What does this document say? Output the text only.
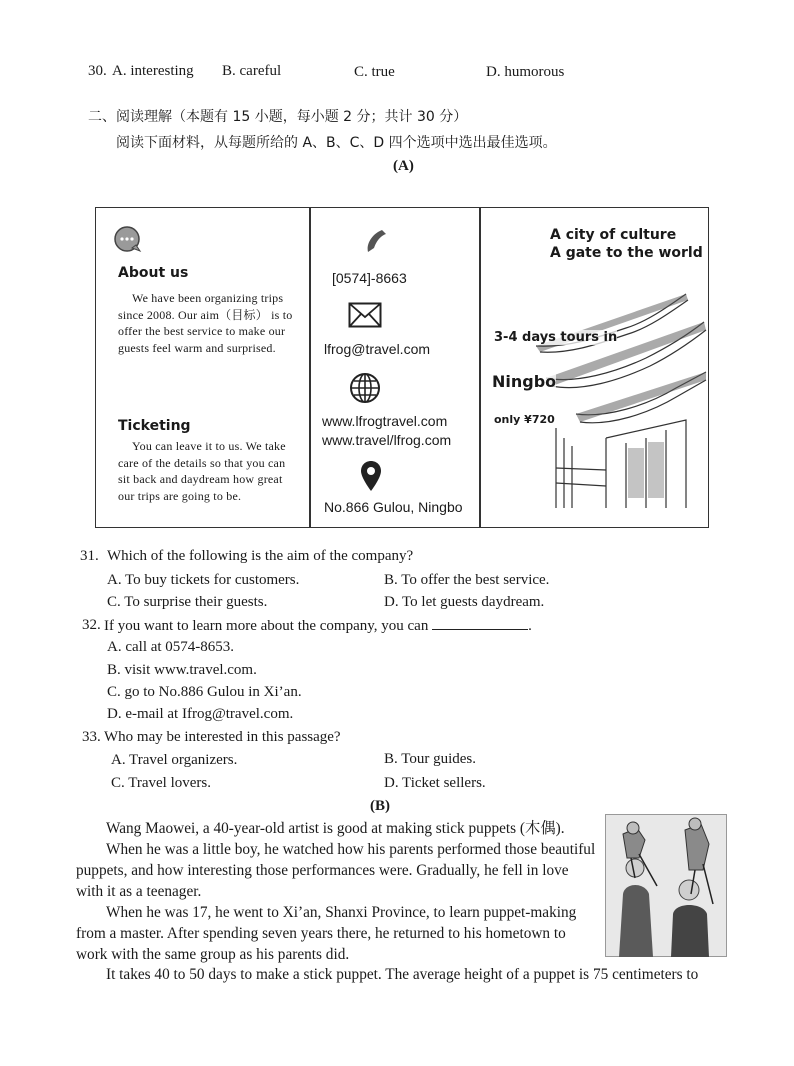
30. A. interesting B. careful	C. true	D. humorous
二、阅读理解（本题有 15 小题，每小题 2 分；共计 30 分）
阅读下面材料，从每题所给的 A、B、C、D 四个选项中选出最佳选项。
(A)
About us
We have been organizing trips since 2008. Our aim（目标） is to offer the best service to make our guests feel warm and surprised.
Ticketing
You can leave it to us. We take care of the details so that you can sit back and daydream how great our trips are going to be.
[0574]-8663
lfrog@travel.com
www.lfrogtravel.com
www.travel/lfrog.com
No.866 Gulou, Ningbo
A city of culture
A gate to the world
3-4 days tours in
Ningbo
only ¥720
31. Which of the following is the aim of the company?
A. To buy tickets for customers.	B. To offer the best service.
C. To surprise their guests.	D. To let guests daydream.
32. If you want to learn more about the company, you can	.
A. call at 0574-8653.
B. visit www.travel.com.
C. go to No.886 Gulou in Xi’an.
D. e-mail at Ifrog@travel.com.
33. Who may be interested in this passage?
A. Travel organizers.	B. Tour guides.
C. Travel lovers.	D. Ticket sellers.
(B)
Wang Maowei, a 40-year-old artist is good at making stick puppets (木偶).
When he was a little boy, he watched how his parents performed those beautiful puppets, and how interesting those performances were. Gradually, he fell in love with it as a teenager.
When he was 17, he went to Xi’an, Shanxi Province, to learn puppet-making from a master. After spending seven years there, he returned to his hometown to work with the same group as his parents did.
It takes 40 to 50 days to make a stick puppet. The average height of a puppet is 75 centimeters to
